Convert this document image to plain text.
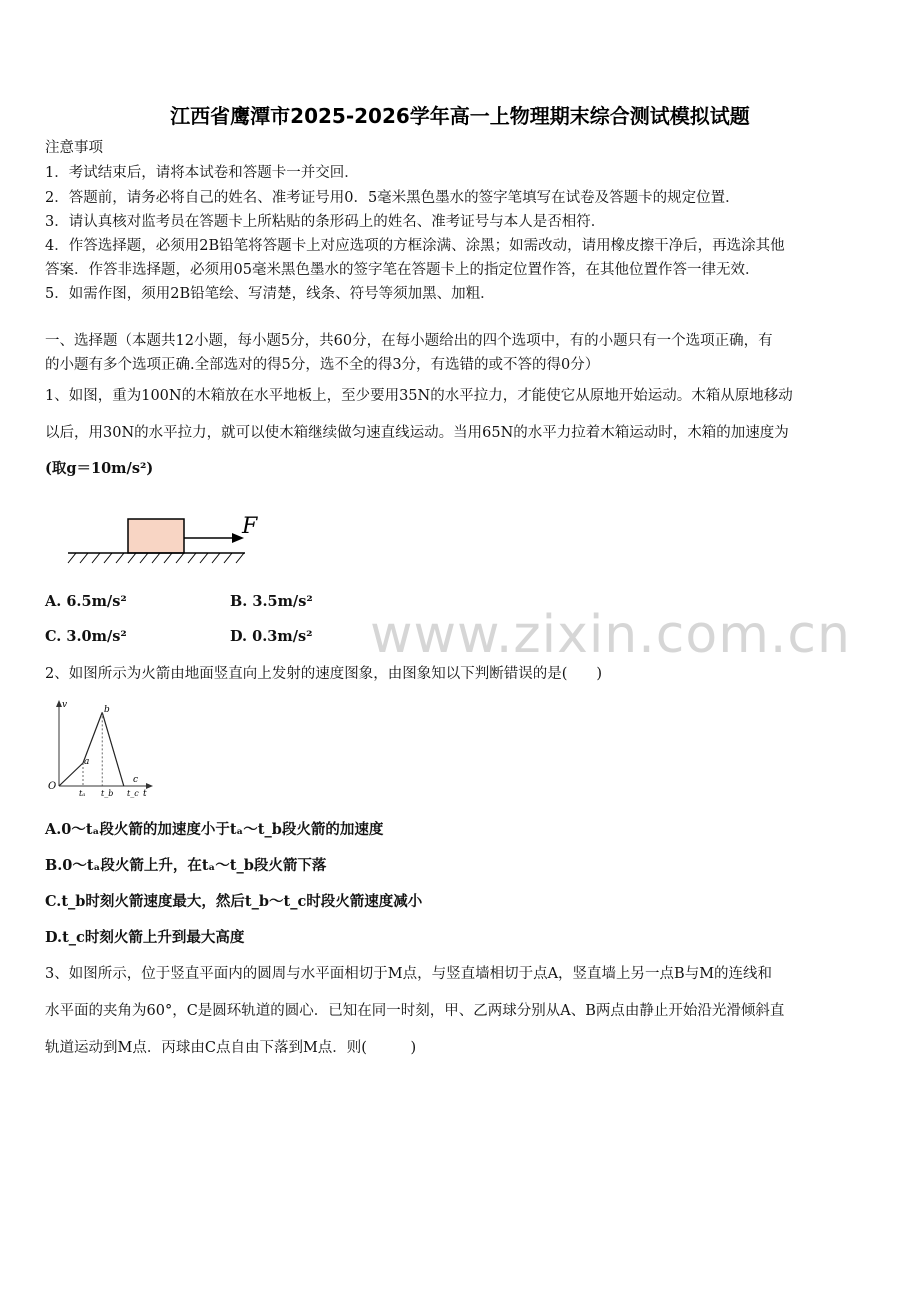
江西省鹰潭市2025-2026学年高一上物理期末综合测试模拟试题
注意事项
1．考试结束后，请将本试卷和答题卡一并交回．
2．答题前，请务必将自己的姓名、准考证号用0．5毫米黑色墨水的签字笔填写在试卷及答题卡的规定位置．
3．请认真核对监考员在答题卡上所粘贴的条形码上的姓名、准考证号与本人是否相符．
4．作答选择题，必须用2B铅笔将答题卡上对应选项的方框涂满、涂黑；如需改动，请用橡皮擦干净后，再选涂其他
答案．作答非选择题，必须用05毫米黑色墨水的签字笔在答题卡上的指定位置作答，在其他位置作答一律无效．
5．如需作图，须用2B铅笔绘、写清楚，线条、符号等须加黑、加粗．
一、选择题（本题共12小题，每小题5分，共60分，在每小题给出的四个选项中，有的小题只有一个选项正确，有
的小题有多个选项正确.全部选对的得5分，选不全的得3分，有选错的或不答的得0分）
1、如图，重为100N的木箱放在水平地板上，至少要用35N的水平拉力，才能使它从原地开始运动。木箱从原地移动
以后，用30N的水平拉力，就可以使木箱继续做匀速直线运动。当用65N的水平力拉着木箱运动时，木箱的加速度为
(取g＝10m/s²)
F
A. 6.5m/s²	B. 3.5m/s²
C. 3.0m/s²	D. 0.3m/s² www.zixin.com.cn
2、如图所示为火箭由地面竖直向上发射的速度图象，由图象知以下判断错误的是(　　)
v
t
O
a
b
c
tₐ t_b t_c
A.0～tₐ段火箭的加速度小于tₐ～t_b段火箭的加速度
B.0～tₐ段火箭上升，在tₐ～t_b段火箭下落
C.t_b时刻火箭速度最大，然后t_b～t_c时段火箭速度减小
D.t_c时刻火箭上升到最大高度
3、如图所示，位于竖直平面内的圆周与水平面相切于M点，与竖直墙相切于点A，竖直墙上另一点B与M的连线和
水平面的夹角为60°，C是圆环轨道的圆心．已知在同一时刻，甲、乙两球分别从A、B两点由静止开始沿光滑倾斜直
轨道运动到M点．丙球由C点自由下落到M点．则(　　　)
